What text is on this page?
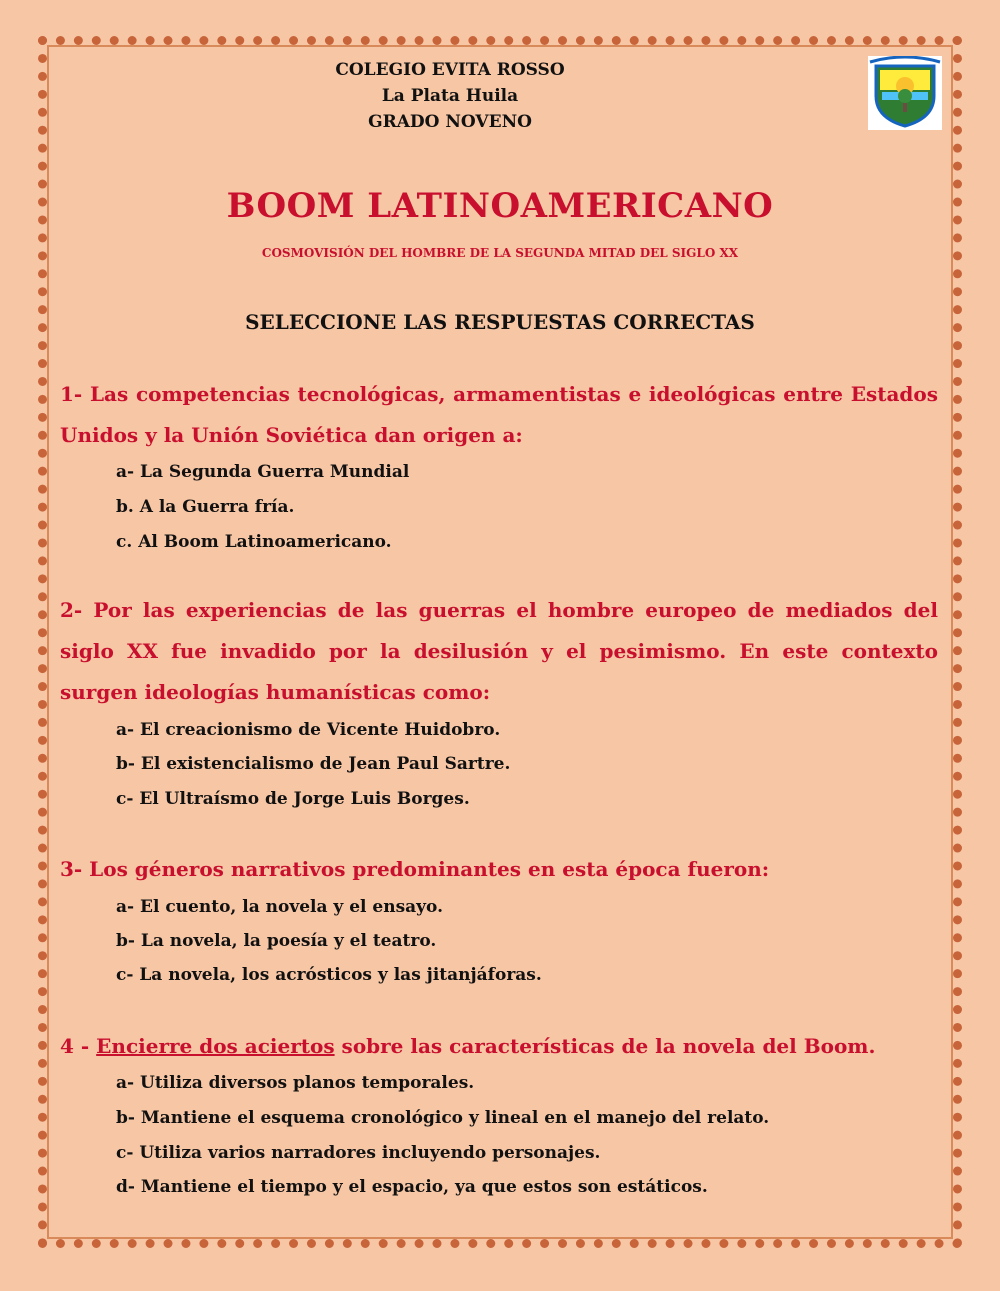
COLEGIO EVITA ROSSO
La Plata Huila
GRADO NOVENO
BOOM LATINOAMERICANO
COSMOVISIÓN DEL HOMBRE DE LA SEGUNDA MITAD DEL SIGLO XX
SELECCIONE LAS RESPUESTAS CORRECTAS
1- Las competencias tecnológicas, armamentistas e ideológicas entre Estados Unidos y la Unión Soviética dan origen a:
a- La Segunda Guerra Mundial
b. A la Guerra fría.
c. Al Boom Latinoamericano.
2- Por las experiencias de las guerras el hombre europeo de mediados del siglo XX fue invadido por la desilusión y el pesimismo. En este contexto surgen ideologías humanísticas como:
a- El creacionismo de Vicente Huidobro.
b- El existencialismo de Jean Paul Sartre.
c- El Ultraísmo de Jorge Luis Borges.
3- Los géneros narrativos predominantes en esta época fueron:
a- El cuento, la novela y el ensayo.
b- La novela, la poesía y el teatro.
c- La novela, los acrósticos y las jitanjáforas.
4 - Encierre dos aciertos sobre las características de la novela del Boom.
a- Utiliza diversos planos temporales.
b- Mantiene el esquema cronológico y lineal en el manejo del relato.
c- Utiliza varios narradores incluyendo personajes.
d- Mantiene el tiempo y el espacio, ya que estos son estáticos.
